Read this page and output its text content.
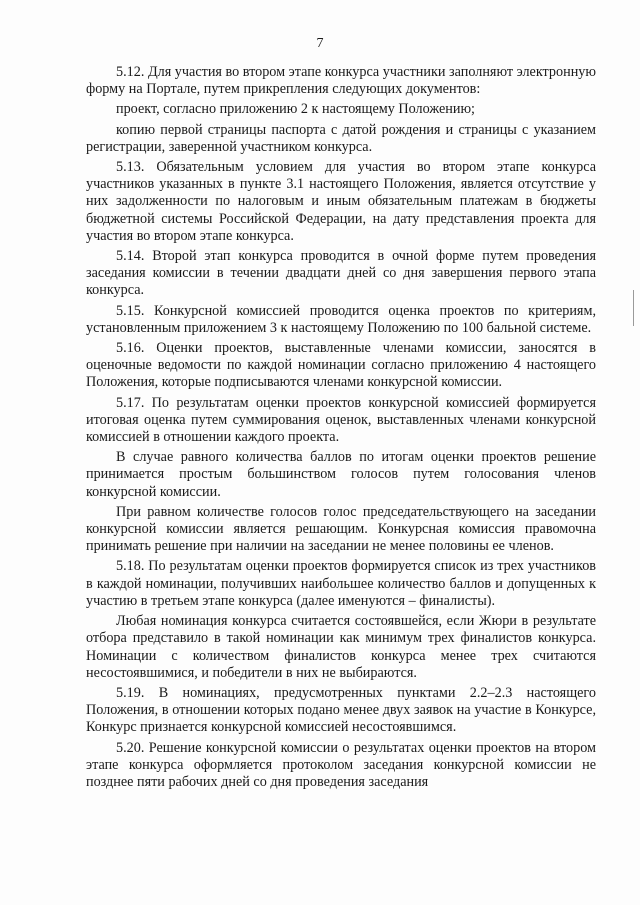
7

5.12. Для участия во втором этапе конкурса участники заполняют электронную форму на Портале, путем прикрепления следующих документов:

проект, согласно приложению 2 к настоящему Положению;

копию первой страницы паспорта с датой рождения и страницы с указанием регистрации, заверенной участником конкурса.

5.13. Обязательным условием для участия во втором этапе конкурса участников указанных в пункте 3.1 настоящего Положения, является отсутствие у них задолженности по налоговым и иным обязательным платежам в бюджеты бюджетной системы Российской Федерации, на дату представления проекта для участия во втором этапе конкурса.

5.14. Второй этап конкурса проводится в очной форме путем проведения заседания комиссии в течении двадцати дней со дня завершения первого этапа конкурса.

5.15. Конкурсной комиссией проводится оценка проектов по критериям, установленным приложением 3 к настоящему Положению по 100 бальной системе.

5.16. Оценки проектов, выставленные членами комиссии, заносятся в оценочные ведомости по каждой номинации согласно приложению 4 настоящего Положения, которые подписываются членами конкурсной комиссии.

5.17. По результатам оценки проектов конкурсной комиссией формируется итоговая оценка путем суммирования оценок, выставленных членами конкурсной комиссией в отношении каждого проекта.

В случае равного количества баллов по итогам оценки проектов решение принимается простым большинством голосов путем голосования членов конкурсной комиссии.

При равном количестве голосов голос председательствующего на заседании конкурсной комиссии является решающим. Конкурсная комиссия правомочна принимать решение при наличии на заседании не менее половины ее членов.

5.18. По результатам оценки проектов формируется список из трех участников в каждой номинации, получивших наибольшее количество баллов и допущенных к участию в третьем этапе конкурса (далее именуются – финалисты).

Любая номинация конкурса считается состоявшейся, если Жюри в результате отбора представило в такой номинации как минимум трех финалистов конкурса. Номинации с количеством финалистов конкурса менее трех считаются несостоявшимися, и победители в них не выбираются.

5.19. В номинациях, предусмотренных пунктами 2.2–2.3 настоящего Положения, в отношении которых подано менее двух заявок на участие в Конкурсе, Конкурс признается конкурсной комиссией несостоявшимся.

5.20. Решение конкурсной комиссии о результатах оценки проектов на втором этапе конкурса оформляется протоколом заседания конкурсной комиссии не позднее пяти рабочих дней со дня проведения заседания
